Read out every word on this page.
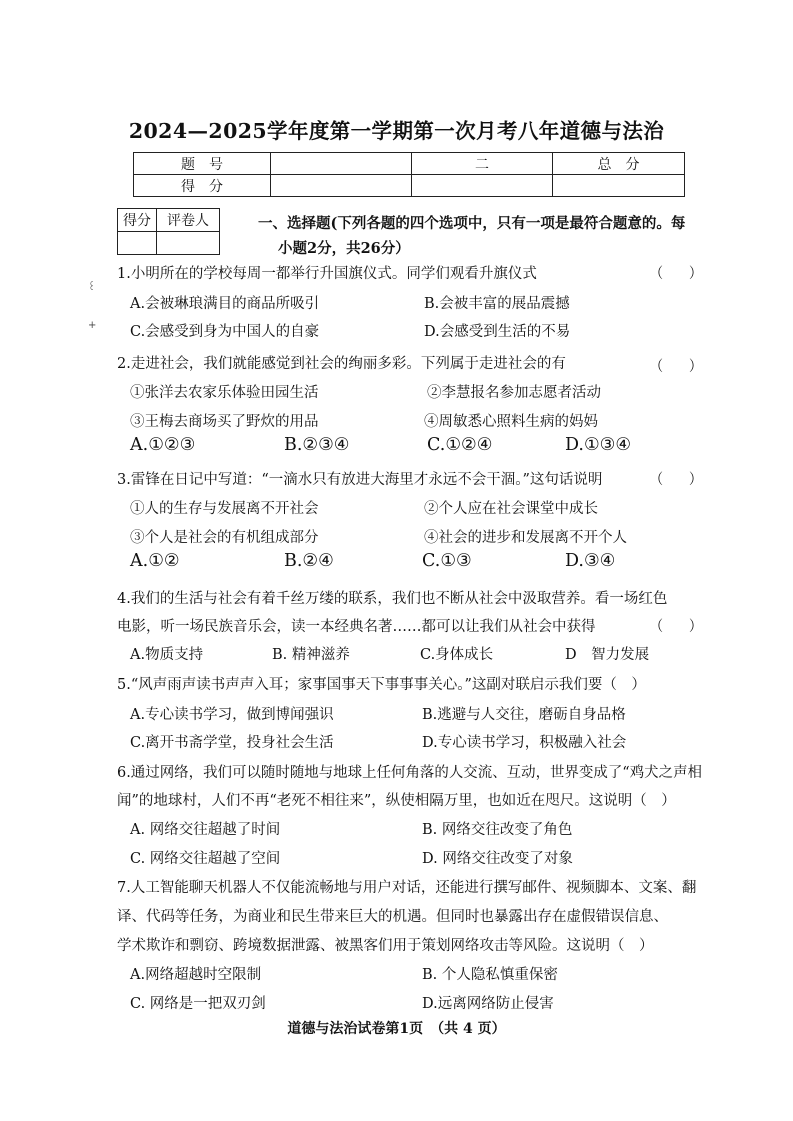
2024—2025学年度第一学期第一次月考八年道德与法治
题　号		二	总　分
得　分			
得分	评卷人
		一、选择题(下列各题的四个选项中，只有一项是最符合题意的。每
小题2分，共26分）
꒰
+
1.小明所在的学校每周一都举行升国旗仪式。同学们观看升旗仪式	（　　）
A.会被琳琅满目的商品所吸引	B.会被丰富的展品震撼
C.会感受到身为中国人的自豪	D.会感受到生活的不易
2.走进社会，我们就能感觉到社会的绚丽多彩。下列属于走进社会的有	（　　）
①张洋去农家乐体验田园生活	②李慧报名参加志愿者活动
③王梅去商场买了野炊的用品	④周敏悉心照料生病的妈妈
A.①②③	B.②③④	C.①②④	D.①③④
3.雷锋在日记中写道：“一滴水只有放进大海里才永远不会干涸。”这句话说明	（　　）
①人的生存与发展离不开社会	②个人应在社会课堂中成长
③个人是社会的有机组成部分	④社会的进步和发展离不开个人
A.①②	B.②④	C.①③	D.③④
4.我们的生活与社会有着千丝万缕的联系，我们也不断从社会中汲取营养。看一场红色
电影，听一场民族音乐会，读一本经典名著……都可以让我们从社会中获得	（　　）
A.物质支持	B. 精神滋养	C.身体成长	D　智力发展
5.“风声雨声读书声声入耳；家事国事天下事事事关心。”这副对联启示我们要（　）
A.专心读书学习，做到博闻强识	B.逃避与人交往，磨砺自身品格
C.离开书斋学堂，投身社会生活	D.专心读书学习，积极融入社会
6.通过网络，我们可以随时随地与地球上任何角落的人交流、互动，世界变成了“鸡犬之声相
闻”的地球村，人们不再“老死不相往来”，纵使相隔万里，也如近在咫尺。这说明（　）
A. 网络交往超越了时间	B. 网络交往改变了角色
C. 网络交往超越了空间	D. 网络交往改变了对象
7.人工智能聊天机器人不仅能流畅地与用户对话，还能进行撰写邮件、视频脚本、文案、翻
译、代码等任务，为商业和民生带来巨大的机遇。但同时也暴露出存在虚假错误信息、
学术欺诈和剽窃、跨境数据泄露、被黑客们用于策划网络攻击等风险。这说明（　）
A.网络超越时空限制	B. 个人隐私慎重保密
C. 网络是一把双刃剑	D.远离网络防止侵害
道德与法治试卷第1页　（共 4 页）
